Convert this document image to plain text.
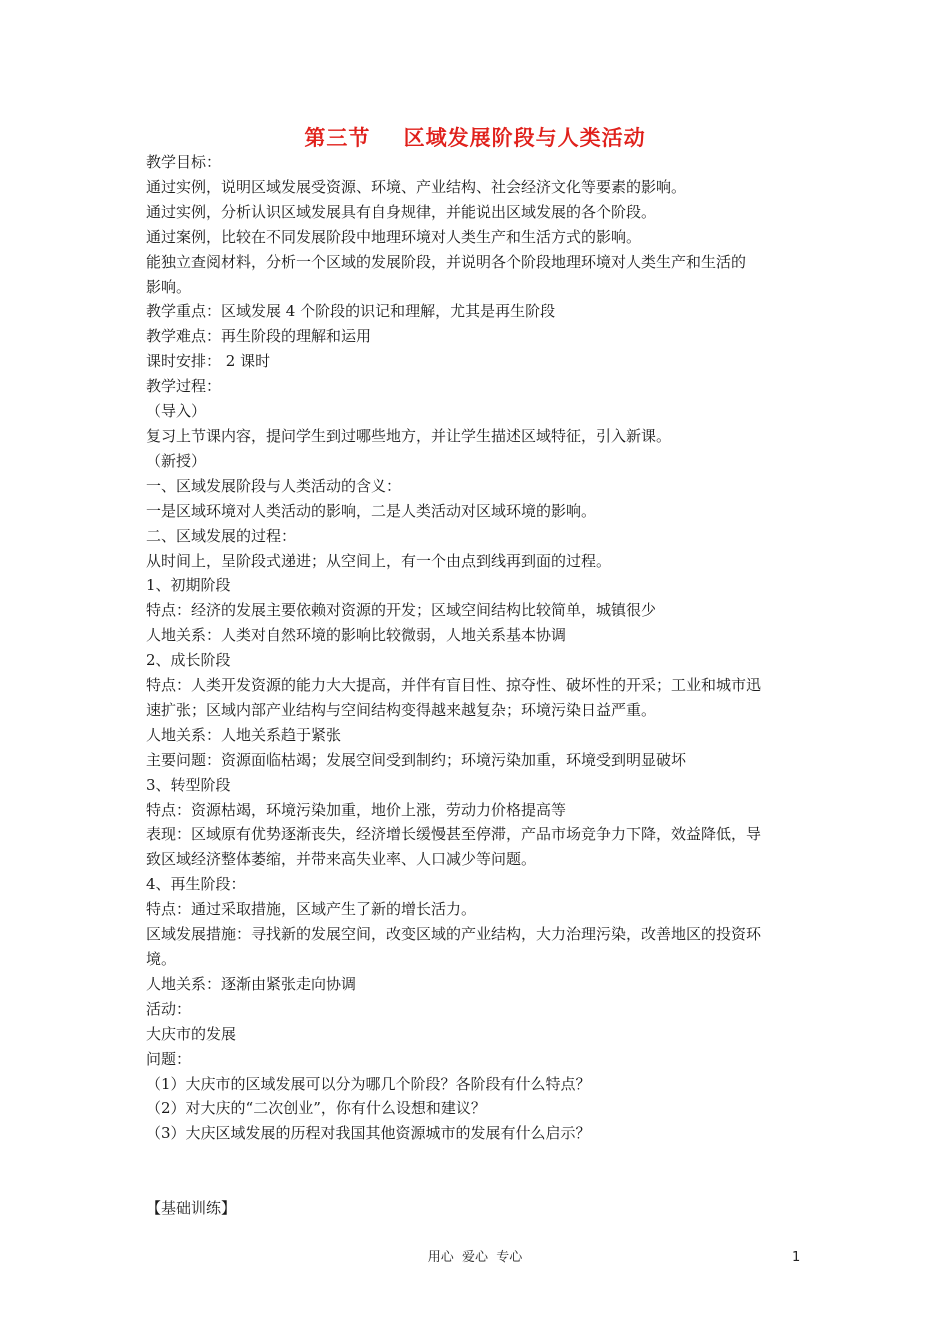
第三节    区域发展阶段与人类活动
教学目标：
通过实例，说明区域发展受资源、环境、产业结构、社会经济文化等要素的影响。
通过实例，分析认识区域发展具有自身规律，并能说出区域发展的各个阶段。
通过案例，比较在不同发展阶段中地理环境对人类生产和生活方式的影响。
能独立查阅材料，分析一个区域的发展阶段，并说明各个阶段地理环境对人类生产和生活的
影响。
教学重点：区域发展 4 个阶段的识记和理解，尤其是再生阶段
教学难点：再生阶段的理解和运用
课时安排： 2 课时
教学过程：
（导入）
复习上节课内容，提问学生到过哪些地方，并让学生描述区域特征，引入新课。
（新授）
一、区域发展阶段与人类活动的含义：
一是区域环境对人类活动的影响，二是人类活动对区域环境的影响。
二、区域发展的过程：
从时间上，呈阶段式递进；从空间上，有一个由点到线再到面的过程。
1、初期阶段
特点：经济的发展主要依赖对资源的开发；区域空间结构比较简单，城镇很少
人地关系：人类对自然环境的影响比较微弱，人地关系基本协调
2、成长阶段
特点：人类开发资源的能力大大提高，并伴有盲目性、掠夺性、破坏性的开采；工业和城市迅
速扩张；区域内部产业结构与空间结构变得越来越复杂；环境污染日益严重。
人地关系：人地关系趋于紧张
主要问题：资源面临枯竭；发展空间受到制约；环境污染加重，环境受到明显破坏
3、转型阶段
特点：资源枯竭，环境污染加重，地价上涨，劳动力价格提高等
表现：区域原有优势逐渐丧失，经济增长缓慢甚至停滞，产品市场竞争力下降，效益降低，导
致区域经济整体萎缩，并带来高失业率、人口减少等问题。
4、再生阶段：
特点：通过采取措施，区域产生了新的增长活力。
区域发展措施：寻找新的发展空间，改变区域的产业结构，大力治理污染，改善地区的投资环
境。
人地关系：逐渐由紧张走向协调
活动：
大庆市的发展
问题：
（1）大庆市的区域发展可以分为哪几个阶段？各阶段有什么特点？
（2）对大庆的“二次创业”，你有什么设想和建议？
（3）大庆区域发展的历程对我国其他资源城市的发展有什么启示？
【基础训练】
用心  爱心  专心	1
